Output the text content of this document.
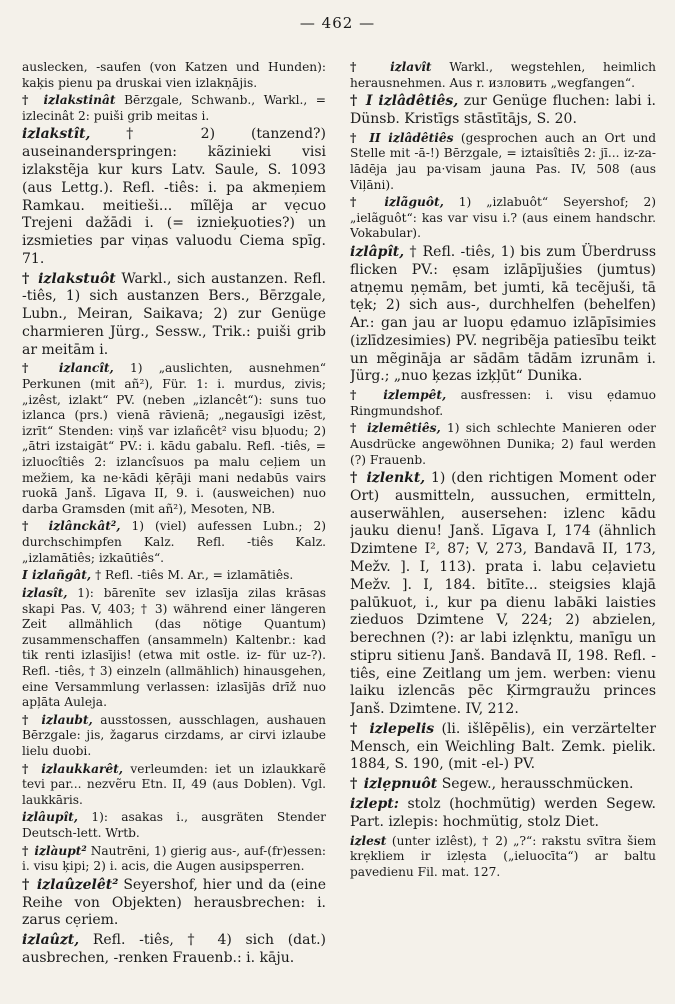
— 462 —

auslecken, -saufen (von Katzen und Hunden): kaķis pienu pa druskai vien izlakņājis.

† izlakstinât Bērzgale, Schwanb., Warkl., = izlecinât 2: puiši grib meitas i.

izlakstît,	† 2) (tanzend?) auseinanderspringen: kãzinieki visi izlakstẽja kur kurs Latv. Saule, S. 1093 (aus Lettg.). Refl. -tiês: i. pa akmeņiem Ramkau. meitieši... mĩlẽja ar vẹcuo Trejeni dažādi i. (= iznieķuoties?) un izsmieties par viņas valuodu Ciema spīg. 71.

† izlakstuôt Warkl., sich austanzen. Refl. -tiês, 1) sich austanzen Bers., Bērzgale, Lubn., Meiran, Saikava; 2) zur Genüge charmieren Jürg., Sessw., Trik.: puiši grib ar meitām i.

† izlancît, 1) „auslichten, ausnehmen“ Perkunen (mit añ²), Für. 1: i. murdus, zivis; „izêst, izlakt“ PV. (neben „izlancêt“): suns tuo izlanca (prs.) vienā rāvienā; „negausīgi izēst, izrīt“ Stenden: viņš var izlañcêt² visu bļuodu; 2) „ātri izstaigāt“ PV.: i. kādu gabalu. Refl. -tiês, = izluocîtiês 2: izlancîsuos pa malu ceļiem un mežiem, ka ne·kādi ķēŗāji mani nedabūs vairs ruokā Janš. Līgava II, 9. i. (ausweichen) nuo darba Gramsden (mit añ²), Mesoten, NB.

† izlânckât², 1) (viel) aufessen Lubn.; 2) durchschimpfen Kalz. Refl. -tiês Kalz. „izlamātiês; izkaūtiês“.

I izlañgât, † Refl. -tiês M. Ar., = izlamātiês.

izlasît, 1): bārenīte sev izlasīja zilas krāsas skapi Pas. V, 403; † 3) während einer längeren Zeit allmählich (das nötige Quantum) zusammenschaffen (ansammeln) Kaltenbr.: kad tik renti izlasījis! (etwa mit ostle. iz- für uz-?). Refl. -tiês, † 3) einzeln (allmählich) hinausgehen, eine Versammlung verlassen: izlasījās drīž nuo apļāta Auleja.

† izlaubt, ausstossen, ausschlagen, aushauen Bērzgale: jis, žagarus cirzdams, ar cirvi izlaube lielu duobi.

† izlaukkarêt, verleumden: iet un izlaukkarẽ tevi par... nezvẽru Etn. II, 49 (aus Doblen). Vgl. laukkāris.

izlâupît, 1): asakas i., ausgräten Stender Deutsch-lett. Wrtb.

† izlàupt² Nautrēni, 1) gierig aus-, auf-(fr)essen: i. visu ķipi; 2) i. acis, die Augen ausipsperren.

† izlaûzelêt² Seyershof, hier und da (eine Reihe von Objekten) herausbrechen: i. zarus cẹriem.

izlaûzt, Refl. -tiês, † 4) sich (dat.) ausbrechen, -renken Frauenb.: i. kāju.

† izlavît Warkl., wegstehlen, heimlich herausnehmen. Aus r. изловить „wegfangen“.

† I izlâdêtiês, zur Genüge fluchen: labi i. Dünsb. Kristīgs stāstītājs, S. 20.

† II izlâdêtiês (gesprochen auch an Ort und Stelle mit -ā-!) Bērzgale, = iztaisîtiês 2: jī... iz-za-lādēja jau pa·visam jauna Pas. IV, 508 (aus Viļāni).

† izlãguôt, 1) „izlabuôt“ Seyershof; 2) „ielãguôt“: kas var visu i.? (aus einem handschr. Vokabular).

izlâpît, † Refl. -tiês, 1) bis zum Überdruss flicken PV.: ẹsam izlāpījušies (jumtus) atņẹmu ņẹmām, bet jumti, kā tecẽjuši, tā tẹk; 2) sich aus-, durchhelfen (behelfen) Ar.: gan jau ar luopu ẹdamuo izlāpīsimies (izlīdzesimies) PV. negribẽja patiesību teikt un mẽgināja ar sādām tādām izrunām i. Jürg.; „nuo ķezas izķļūt“ Dunika.

† izlempêt, ausfressen: i. visu ẹdamuo Ringmundshof.

† izlemêtiês, 1) sich schlechte Manieren oder Ausdrücke angewöhnen Dunika; 2) faul werden (?) Frauenb.

† izlenkt, 1) (den richtigen Moment oder Ort) ausmitteln, aussuchen, ermitteln, auserwählen, ausersehen: izlenc kādu jauku dienu! Janš. Līgava I, 174 (ähnlich Dzimtene I², 87; V, 273, Bandavā II, 173, Mežv. ]. I, 113). prata i. labu ceļavietu Mežv. ]. I, 184. bitīte... steigsies klajā palūkuot, i., kur pa dienu labāki laisties zieduos Dzimtene V, 224; 2) abzielen, berechnen (?): ar labi izlęnktu, manīgu un stipru sitienu Janš. Bandavā II, 198. Refl. -tiês, eine Zeitlang um jem. werben: vienu laiku izlencās pēc Ķirmgraužu princes Janš. Dzimtene. IV, 212.

† izlepelis (li. išlẽpēlis), ein verzärtelter Mensch, ein Weichling Balt. Zemk. pielik. 1884, S. 190, (mit -el-) PV.

† izlẹpnuôt Segew., herausschmücken.

izlept: stolz (hochmütig) werden Segew. Part. izlepis: hochmütig, stolz Diet.

izlest (unter izlêst), † 2) „?“: rakstu svītra šiem krẹkliem ir izlẹsta („ieluocīta“) ar baltu pavedienu Fil. mat. 127.
